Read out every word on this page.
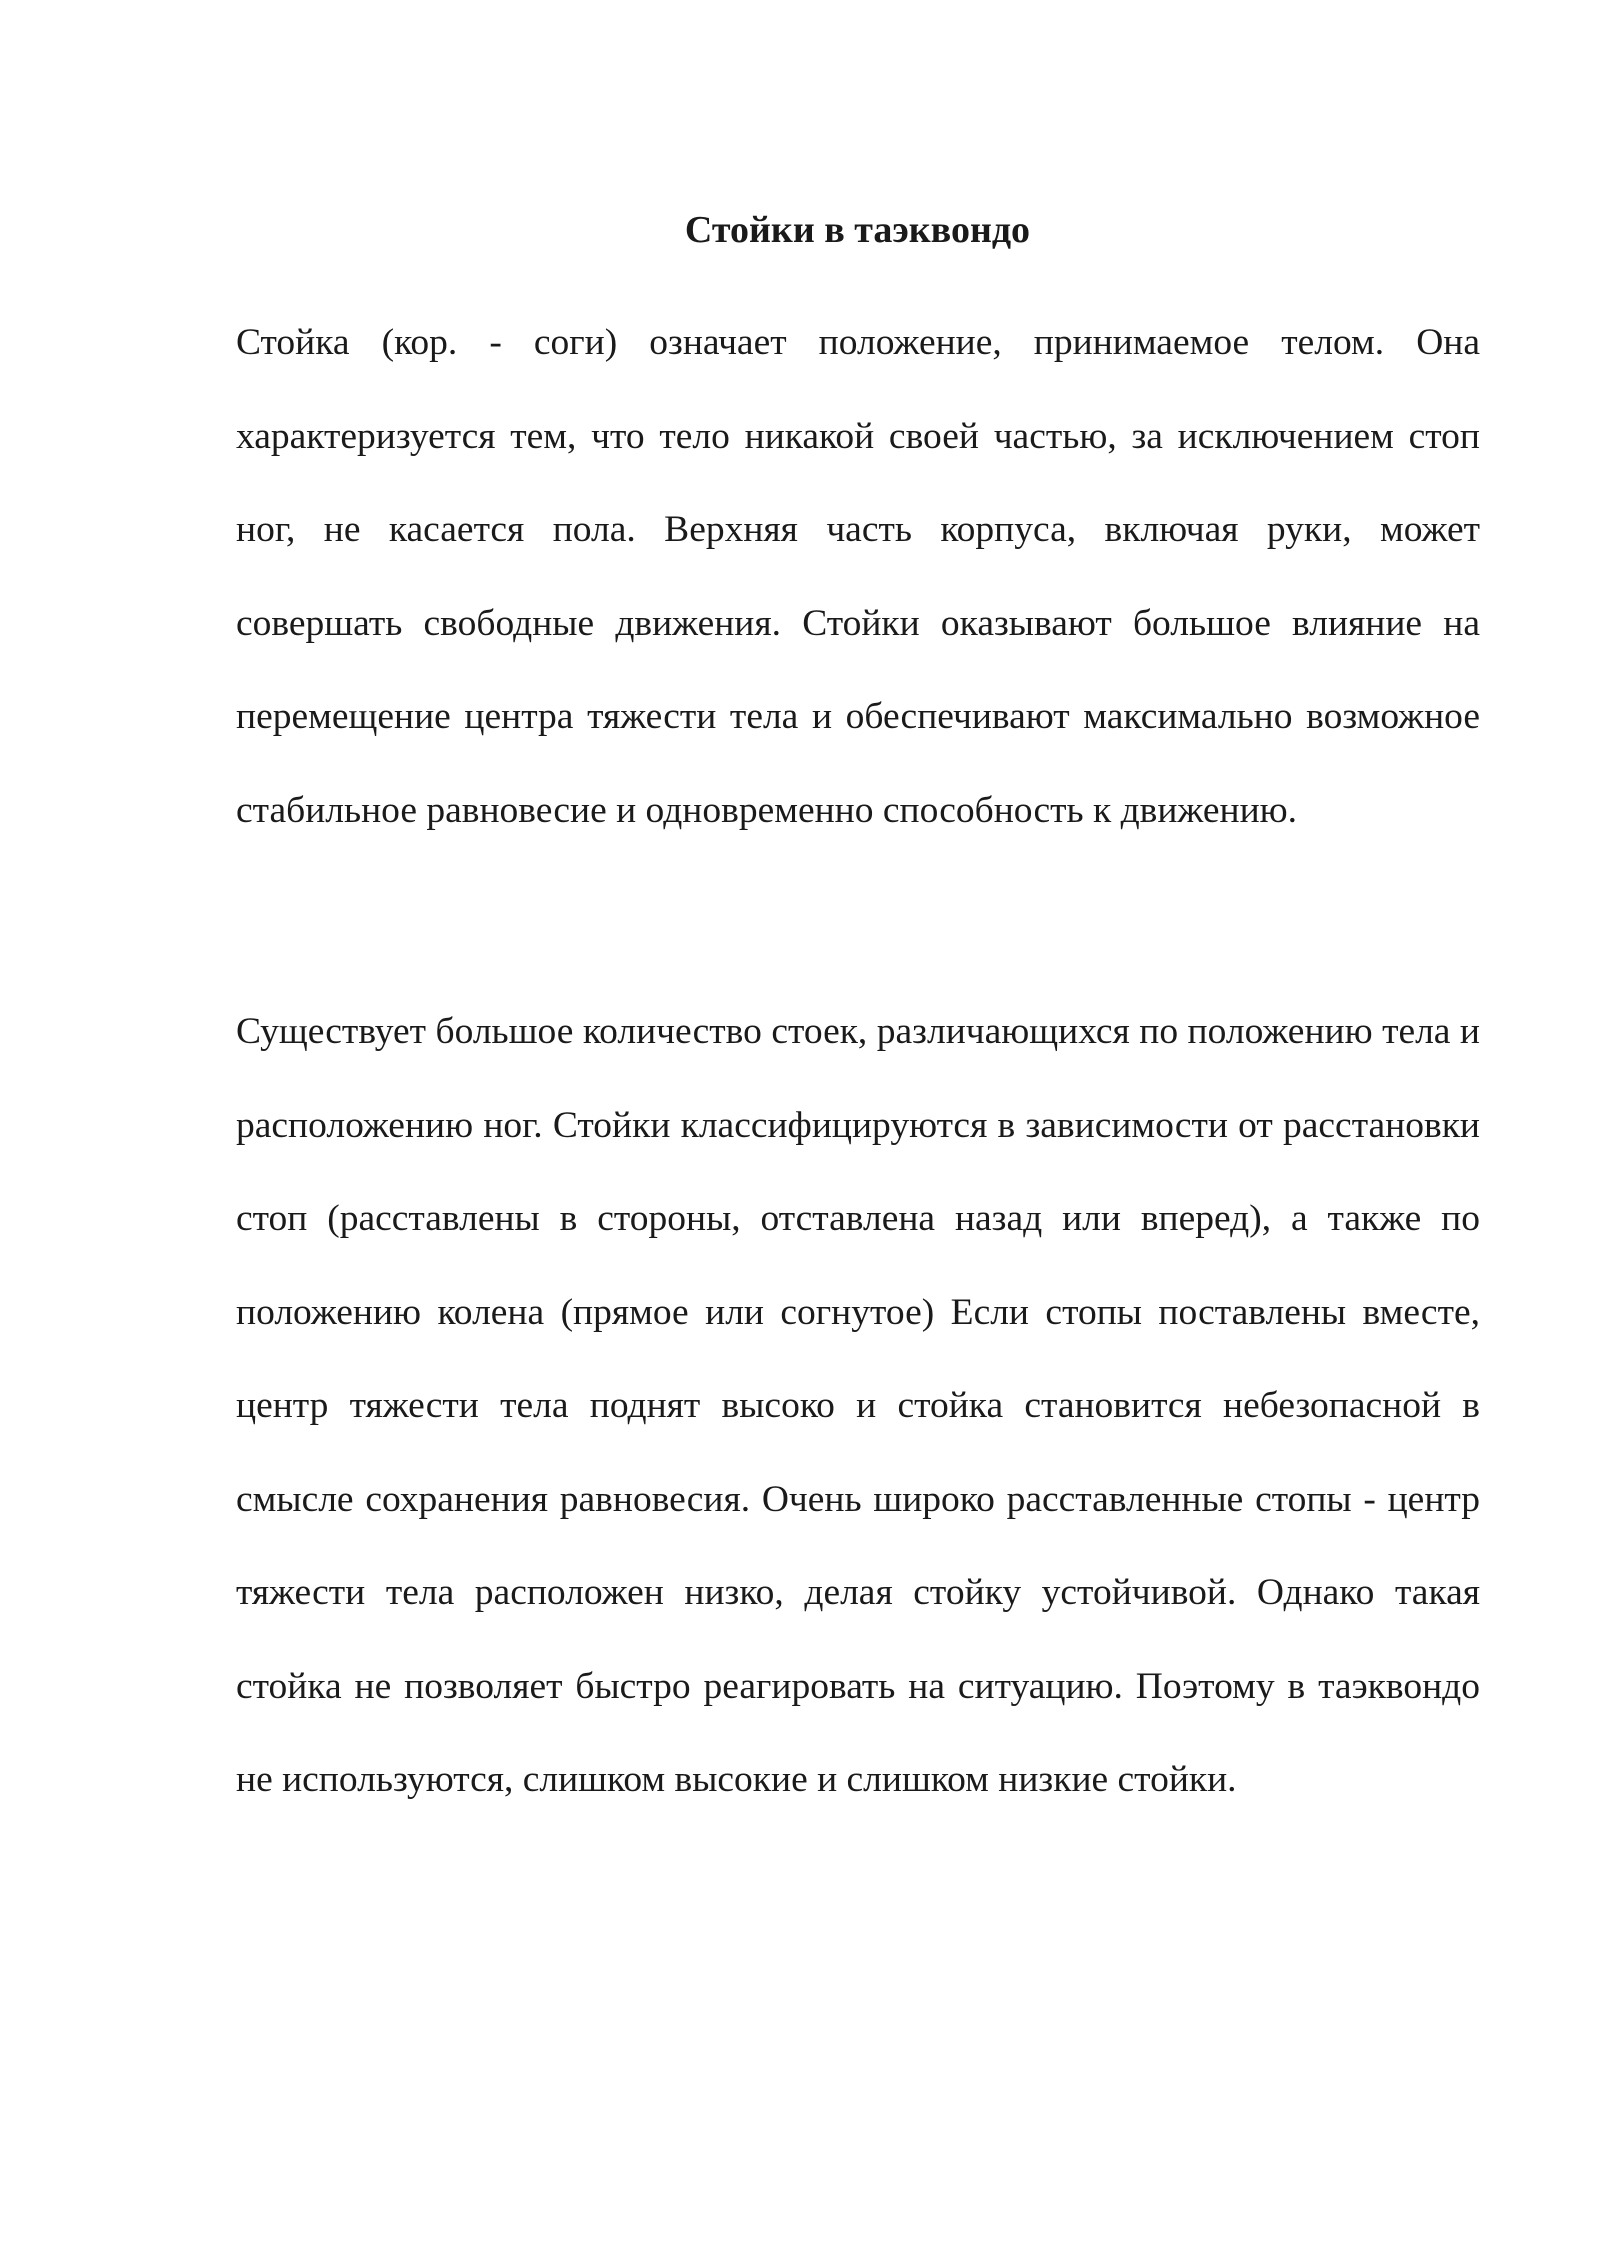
Стойки в таэквондо

Стойка (кор. - соги) означает положение, принимаемое телом. Она характеризуется тем, что тело никакой своей частью, за исключением стоп ног, не касается пола. Верхняя часть корпуса, включая руки, может совершать свободные движения. Стойки оказывают большое влияние на перемещение центра тяжести тела и обеспечивают максимально возможное стабильное равновесие и одновременно способность к движению.

Существует большое количество стоек, различающихся по положению тела и расположению ног. Стойки классифицируются в зависимости от расстановки стоп (расставлены в стороны, отставлена назад или вперед), а также по положению колена (прямое или согнутое) Если стопы поставлены вместе, центр тяжести тела поднят высоко и стойка становится небезопасной в смысле сохранения равновесия. Очень широко расставленные стопы - центр тяжести тела расположен низко, делая стойку устойчивой. Однако такая стойка не позволяет быстро реагировать на ситуацию. Поэтому в таэквондо не используются, слишком высокие и слишком низкие стойки.
